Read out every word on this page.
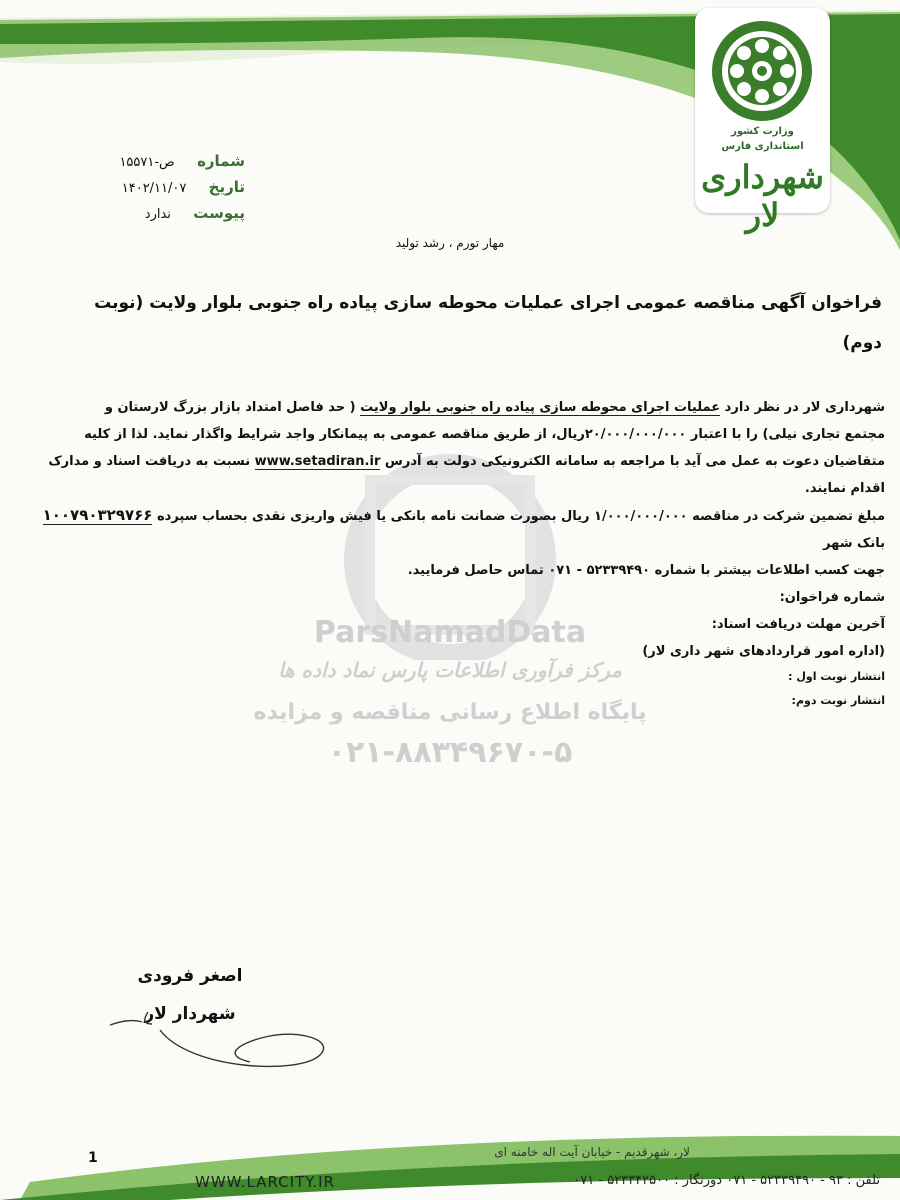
وزارت کشور
استانداری فارس
شهرداری لار
شماره  ص-۱۵۵۷۱
تاریخ  ۱۴۰۲/۱۱/۰۷
پیوست  ندارد
مهار تورم ، رشد تولید
ParsNamadData
مرکز فرآوری اطلاعات پارس نماد داده ها
پایگاه اطلاع رسانی مناقصه و مزایده
۰۲۱-۸۸۳۴۹۶۷۰-۵
فراخوان آگهی مناقصه عمومی اجرای عملیات محوطه سازی پیاده راه جنوبی بلوار ولایت (نوبت
دوم)
شهرداری لار در نظر دارد عملیات اجرای محوطه سازی پیاده راه جنوبی بلوار ولایت ( حد فاصل امتداد بازار بزرگ لارستان و
مجتمع تجاری نیلی) را با اعتبار ۲۰/۰۰۰/۰۰۰/۰۰۰ریال، از طریق مناقصه عمومی به پیمانکار واجد شرایط واگذار نماید. لذا از کلیه
متقاضیان دعوت به عمل می آید با مراجعه به سامانه الکترونیکی دولت به آدرس www.setadiran.ir نسبت به دریافت اسناد و مدارک
اقدام نمایند.
مبلغ تضمین شرکت در مناقصه ۱/۰۰۰/۰۰۰/۰۰۰ ریال بصورت ضمانت نامه بانکی یا فیش واریزی نقدی بحساب سپرده ۱۰۰۷۹۰۳۲۹۷۶۶
بانک شهر
جهت کسب اطلاعات بیشتر با شماره ۵۲۳۳۹۴۹۰ - ۰۷۱ تماس حاصل فرمایید.
شماره فراخوان:
آخرین مهلت دریافت اسناد:
(اداره امور قراردادهای شهر داری لار)
انتشار نوبت اول :
انتشار نوبت دوم:
اصغر فرودی
شهردار لار
لار، شهرقدیم - خیابان آیت اله خامنه ای
1
WWW.LARCITY.IR	تلفن : ۹۳ - ۵۲۳۳۹۴۹۰ - ۰۷۱ دورنگار : ۵۲۳۳۴۲۵۰۰ - ۰۷۱
